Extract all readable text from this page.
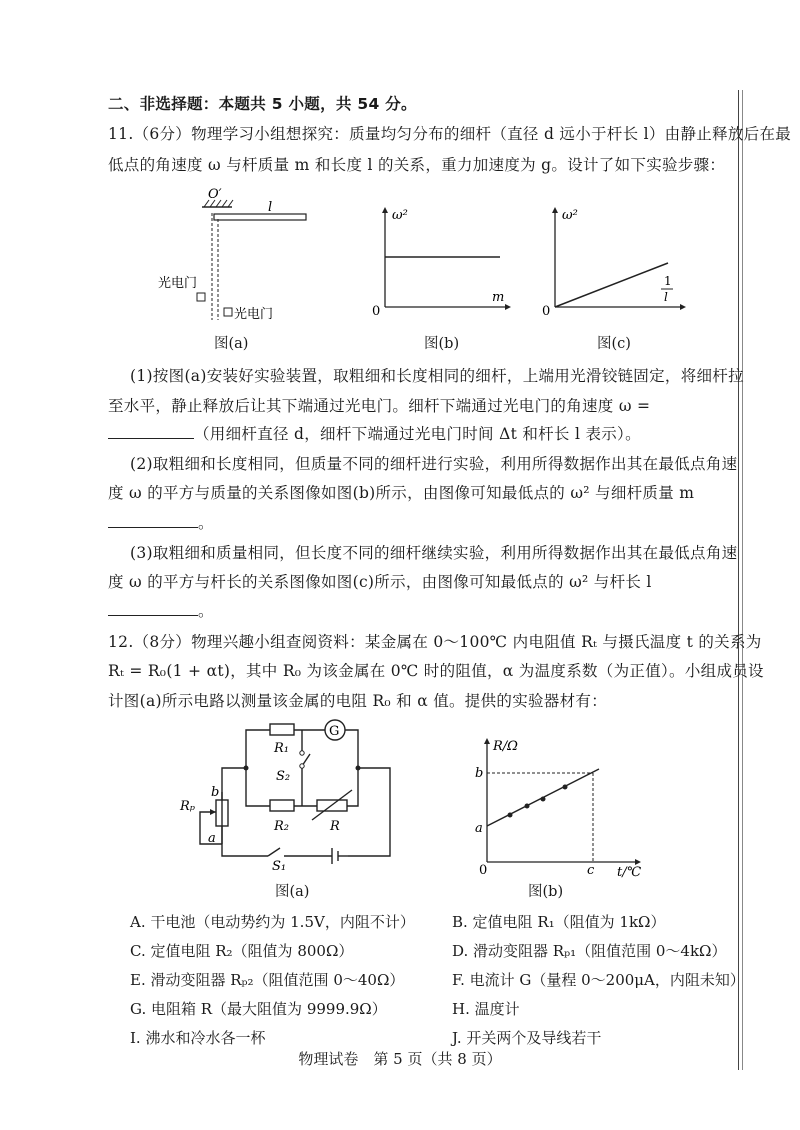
二、非选择题：本题共 5 小题，共 54 分。
11.（6分）物理学习小组想探究：质量均匀分布的细杆（直径 d 远小于杆长 l）由静止释放后在最
低点的角速度 ω 与杆质量 m 和长度 l 的关系，重力加速度为 g。设计了如下实验步骤：
O′
l
光电门
光电门
图(a)
ω²
m
0
图(b)
ω²
1
l
0
图(c)
(1)按图(a)安装好实验装置，取粗细和长度相同的细杆，上端用光滑铰链固定，将细杆拉
至水平，静止释放后让其下端通过光电门。细杆下端通过光电门的角速度 ω =
（用细杆直径 d，细杆下端通过光电门时间 Δt 和杆长 l 表示）。
(2)取粗细和长度相同，但质量不同的细杆进行实验，利用所得数据作出其在最低点角速
度 ω 的平方与质量的关系图像如图(b)所示，由图像可知最低点的 ω² 与细杆质量 m
。
(3)取粗细和质量相同，但长度不同的细杆继续实验，利用所得数据作出其在最低点角速
度 ω 的平方与杆长的关系图像如图(c)所示，由图像可知最低点的 ω² 与杆长 l
。
12.（8分）物理兴趣小组查阅资料：某金属在 0～100℃ 内电阻值 Rₜ 与摄氏温度 t 的关系为
Rₜ = R₀(1 + αt)，其中 R₀ 为该金属在 0℃ 时的阻值，α 为温度系数（为正值）。小组成员设
计图(a)所示电路以测量该金属的电阻 R₀ 和 α 值。提供的实验器材有：
R₁
G
S₂
b
Rₚ
a
R₂	R
S₁
图(a)
R/Ω
b
a
0	c t/℃
图(b)
A. 干电池（电动势约为 1.5V，内阻不计） B. 定值电阻 R₁（阻值为 1kΩ）
C. 定值电阻 R₂（阻值为 800Ω）	D. 滑动变阻器 Rₚ₁（阻值范围 0～4kΩ）
E. 滑动变阻器 Rₚ₂（阻值范围 0～40Ω）	F. 电流计 G（量程 0～200μA，内阻未知）
G. 电阻箱 R（最大阻值为 9999.9Ω）	H. 温度计
I. 沸水和冷水各一杯	J. 开关两个及导线若干
物理试卷　第 5 页（共 8 页）
